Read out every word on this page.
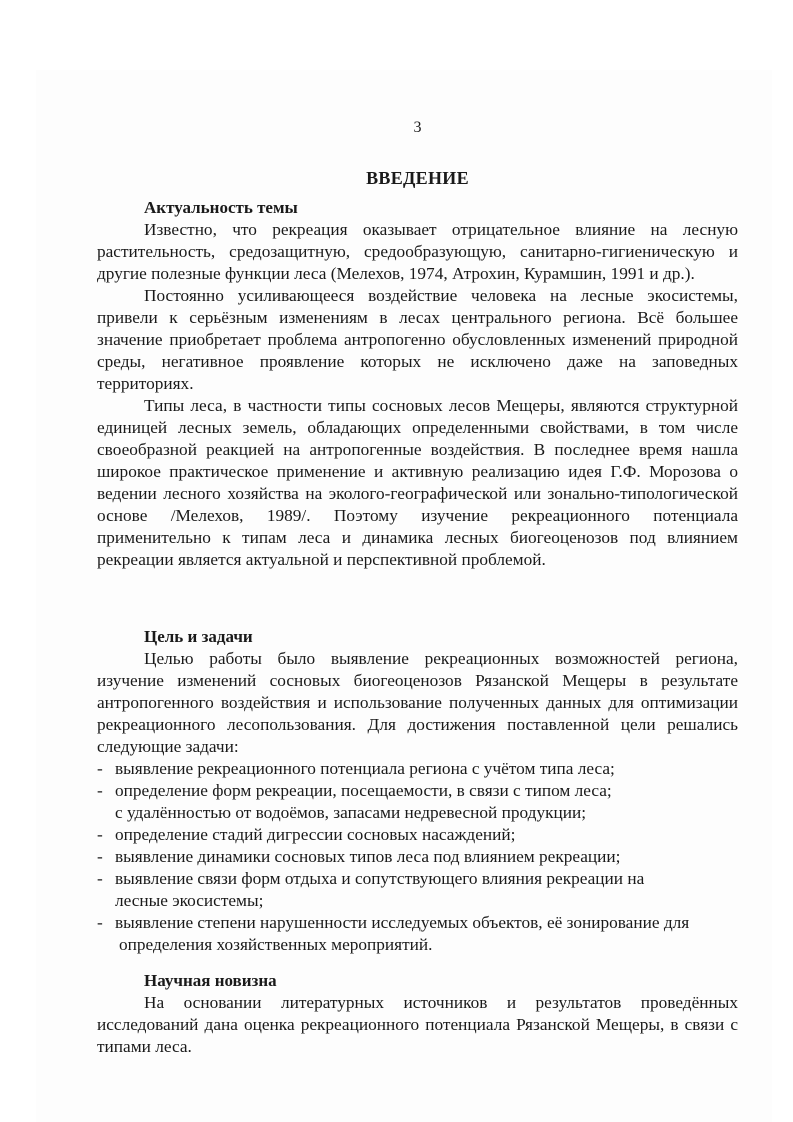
3
ВВЕДЕНИЕ

Актуальность темы

Известно, что рекреация оказывает отрицательное влияние на лесную растительность, средозащитную, средообразующую, санитарно-гигиеническую и другие полезные функции леса (Мелехов, 1974, Атрохин, Курамшин, 1991 и др.).

Постоянно усиливающееся воздействие человека на лесные экосистемы, привели к серьёзным изменениям в лесах центрального региона. Всё большее значение приобретает проблема антропогенно обусловленных изменений природной среды, негативное проявление которых не исключено даже на заповедных территориях.

Типы леса, в частности типы сосновых лесов Мещеры, являются структурной единицей лесных земель, обладающих определенными свойствами, в том числе своеобразной реакцией на антропогенные воздействия. В последнее время нашла широкое практическое применение и активную реализацию идея Г.Ф. Морозова о ведении лесного хозяйства на эколого-географической или зонально-типологической основе /Мелехов, 1989/. Поэтому изучение рекреационного потенциала применительно к типам леса и динамика лесных биогеоценозов под влиянием рекреации является актуальной и перспективной проблемой.

Цель и задачи

Целью работы было выявление рекреационных возможностей региона, изучение изменений сосновых биогеоценозов Рязанской Мещеры в результате антропогенного воздействия и использование полученных данных для оптимизации рекреационного лесопользования. Для достижения поставленной цели решались следующие задачи:

- выявление рекреационного потенциала региона с учётом типа леса;
- определение форм рекреации, посещаемости, в связи с типом леса;
с удалённостью от водоёмов, запасами недревесной продукции;
- определение стадий дигрессии сосновых насаждений;
- выявление динамики сосновых типов леса под влиянием рекреации;
- выявление связи форм отдыха и сопутствующего влияния рекреации на
лесные экосистемы;
- выявление степени нарушенности исследуемых объектов, её зонирование для
определения хозяйственных мероприятий.

Научная новизна

На основании литературных источников и результатов проведённых исследований дана оценка рекреационного потенциала Рязанской Мещеры, в связи с типами леса.
